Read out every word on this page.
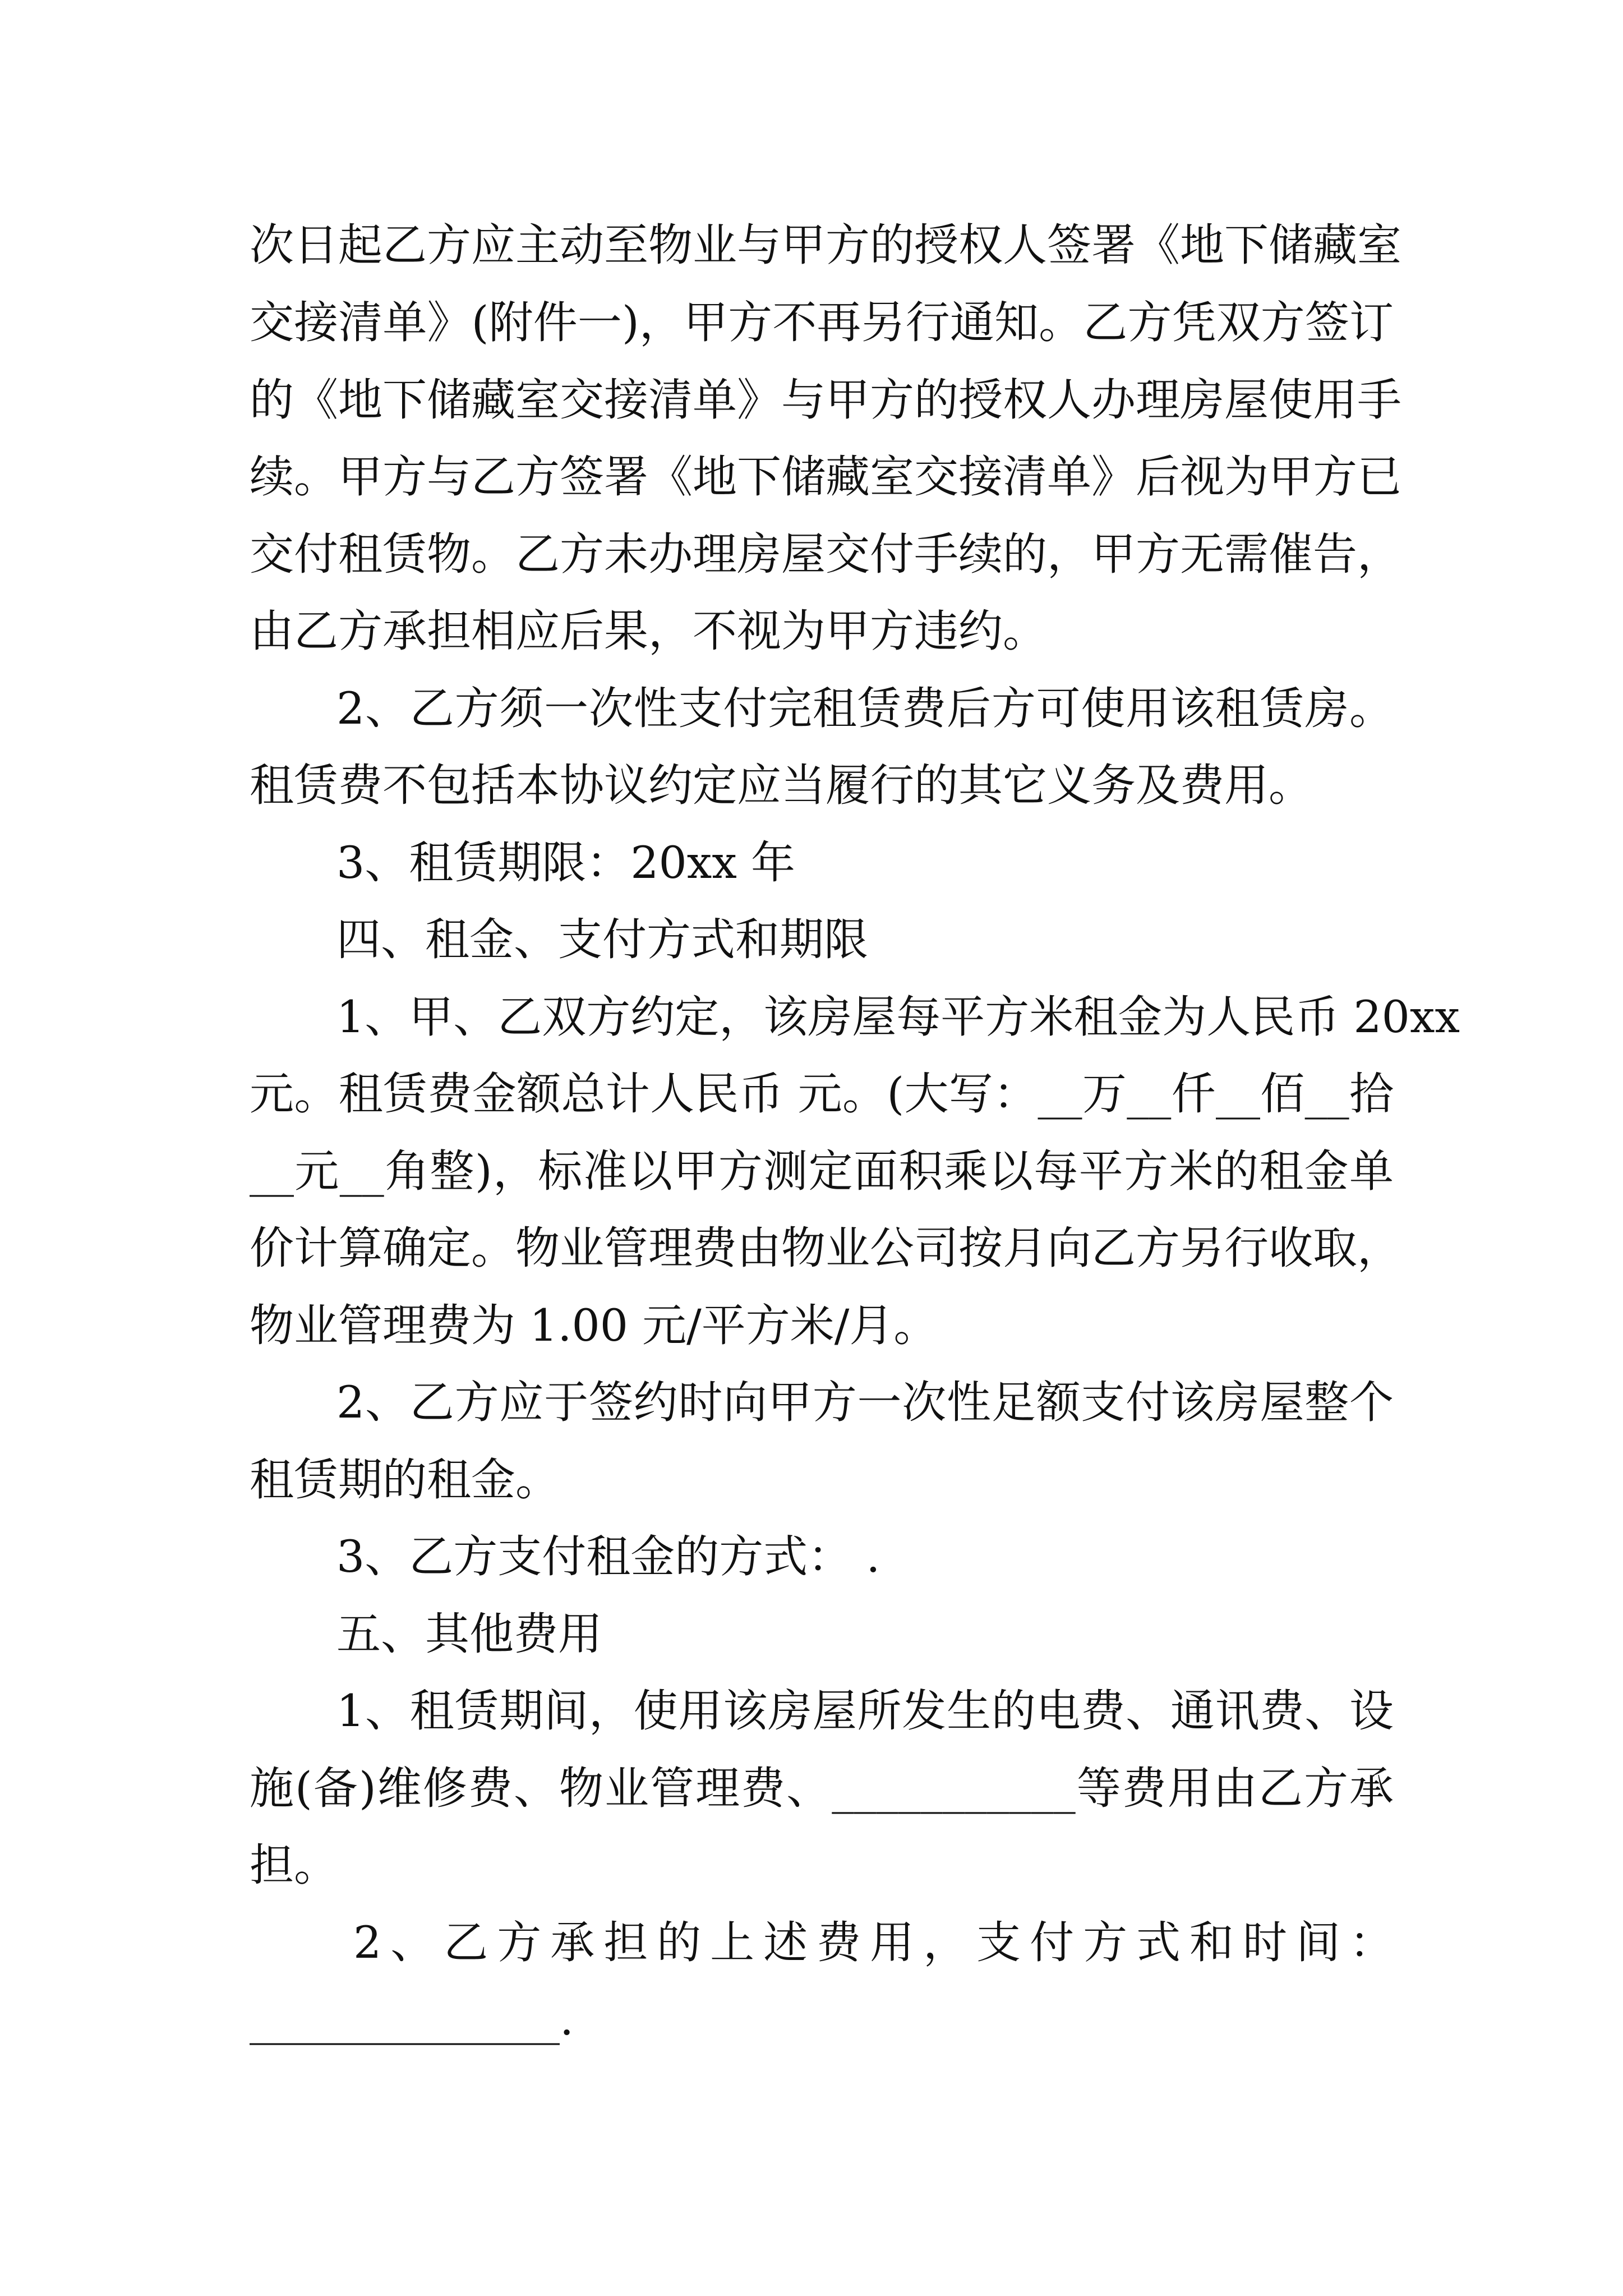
次日起乙方应主动至物业与甲方的授权人签署《地下储藏室
交接清单》(附件一)，甲方不再另行通知。乙方凭双方签订
的《地下储藏室交接清单》与甲方的授权人办理房屋使用手
续。甲方与乙方签署《地下储藏室交接清单》后视为甲方已
交付租赁物。乙方未办理房屋交付手续的，甲方无需催告，
由乙方承担相应后果，不视为甲方违约。
2、乙方须一次性支付完租赁费后方可使用该租赁房。
租赁费不包括本协议约定应当履行的其它义务及费用。
3、租赁期限：20xx 年
四、租金、支付方式和期限
1、甲、乙双方约定，该房屋每平方米租金为人民币 20xx
元。租赁费金额总计人民币 元。(大写：__万__仟__佰__拾
__元__角整)，标准以甲方测定面积乘以每平方米的租金单
价计算确定。物业管理费由物业公司按月向乙方另行收取，
物业管理费为 1.00 元/平方米/月。
2、乙方应于签约时向甲方一次性足额支付该房屋整个
租赁期的租金。
3、乙方支付租金的方式： .
五、其他费用
1、租赁期间，使用该房屋所发生的电费、通讯费、设
施(备)维修费、物业管理费、___________等费用由乙方承
担。
2、乙方承担的上述费用，支付方式和时间：
______________.
